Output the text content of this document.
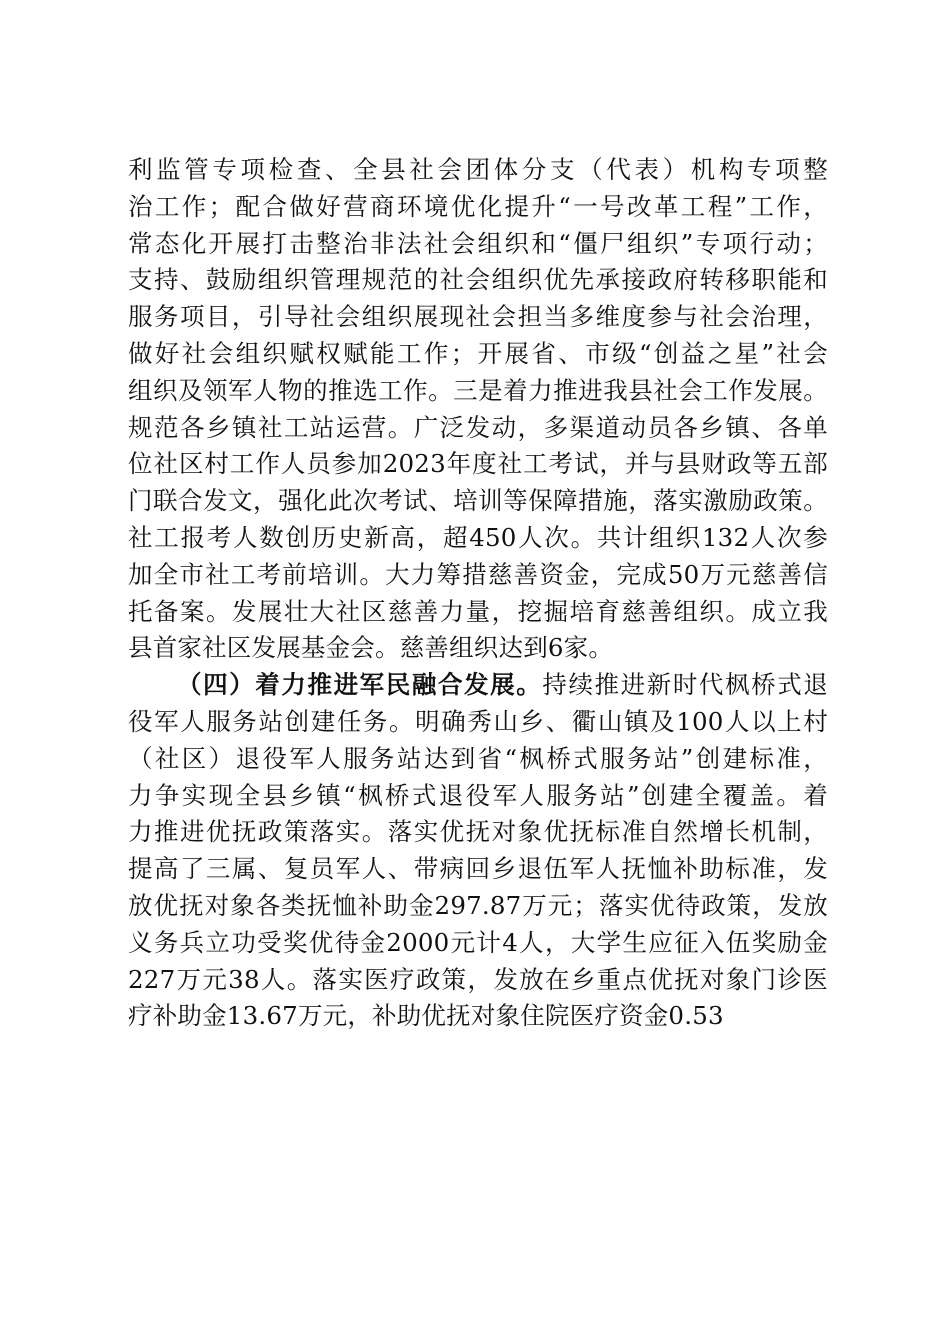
利监管专项检查、全县社会团体分支（代表）机构专项整
治工作；配合做好营商环境优化提升“一号改革工程”工作，
常态化开展打击整治非法社会组织和“僵尸组织”专项行动；
支持、鼓励组织管理规范的社会组织优先承接政府转移职能和
服务项目，引导社会组织展现社会担当多维度参与社会治理，
做好社会组织赋权赋能工作；开展省、市级“创益之星”社会
组织及领军人物的推选工作。三是着力推进我县社会工作发展。
规范各乡镇社工站运营。广泛发动，多渠道动员各乡镇、各单
位社区村工作人员参加2023年度社工考试，并与县财政等五部
门联合发文，强化此次考试、培训等保障措施，落实激励政策。
社工报考人数创历史新高，超450人次。共计组织132人次参
加全市社工考前培训。大力筹措慈善资金，完成50万元慈善信
托备案。发展壮大社区慈善力量，挖掘培育慈善组织。成立我
县首家社区发展基金会。慈善组织达到6家。
（四）着力推进军民融合发展。持续推进新时代枫桥式退
役军人服务站创建任务。明确秀山乡、衢山镇及100人以上村
（社区）退役军人服务站达到省“枫桥式服务站”创建标准，
力争实现全县乡镇“枫桥式退役军人服务站”创建全覆盖。着
力推进优抚政策落实。落实优抚对象优抚标准自然增长机制，
提高了三属、复员军人、带病回乡退伍军人抚恤补助标准，发
放优抚对象各类抚恤补助金297.87万元；落实优待政策，发放
义务兵立功受奖优待金2000元计4人，大学生应征入伍奖励金
227万元38人。落实医疗政策，发放在乡重点优抚对象门诊医
疗补助金13.67万元，补助优抚对象住院医疗资金0.53
